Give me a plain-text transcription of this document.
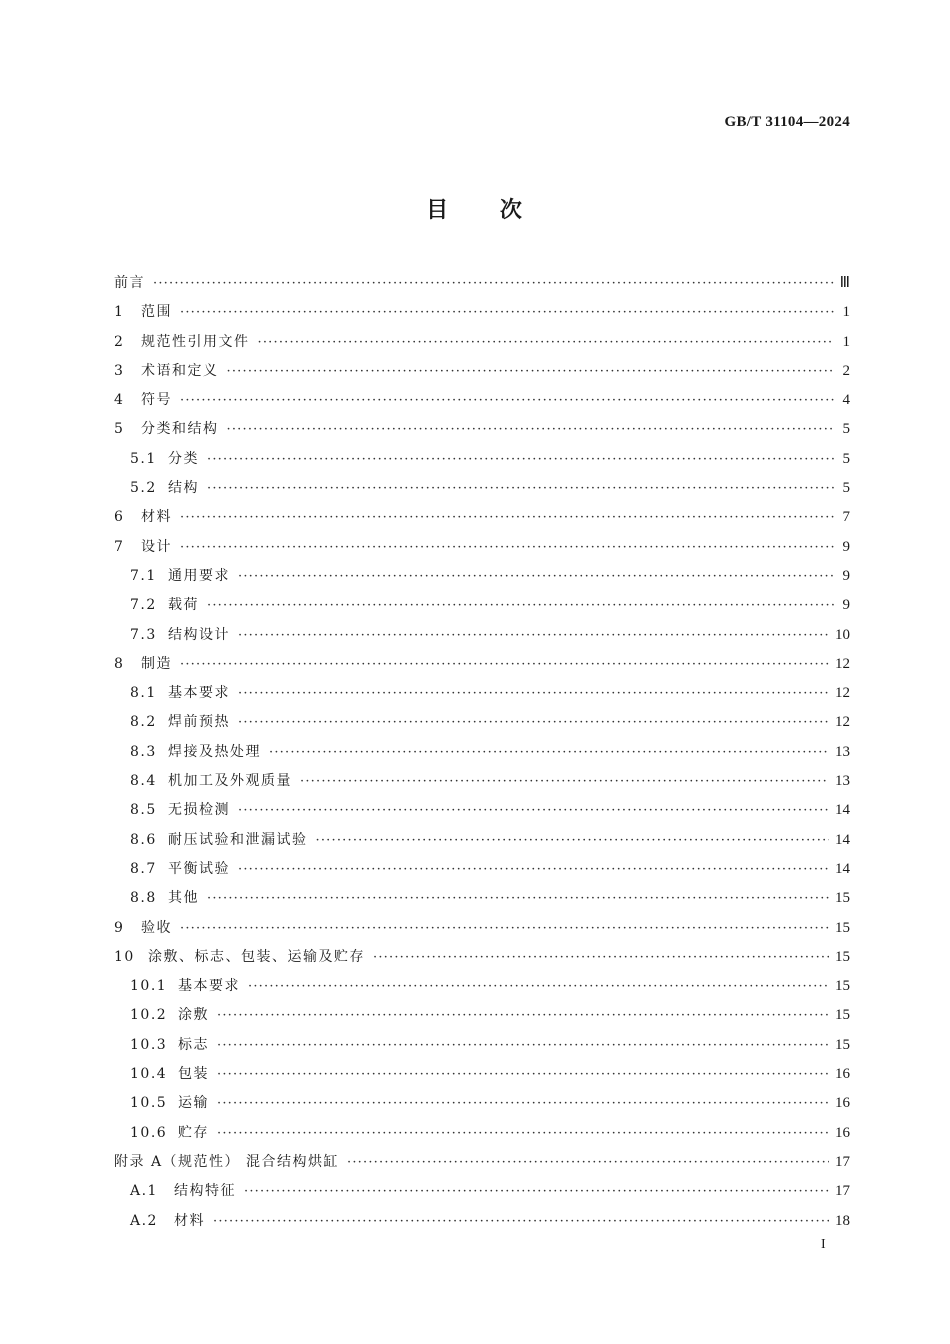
GB/T 31104—2024
目 次
前言 ·····	Ⅲ
1	范围 ·····	1
2	规范性引用文件 ·····	1
3	术语和定义 ·····	2
4	符号 ·····	4
5	分类和结构 ·····	5
5.1 分类 ·····	5
5.2 结构 ·····	5
6	材料 ·····	7
7	设计 ·····	9
7.1 通用要求 ·····	9
7.2 载荷 ·····	9
7.3 结构设计 ·····	10
8	制造 ·····	12
8.1 基本要求 ·····	12
8.2 焊前预热 ·····	12
8.3 焊接及热处理 ·····	13
8.4 机加工及外观质量 ·····	13
8.5 无损检测 ·····	14
8.6 耐压试验和泄漏试验 ·····	14
8.7 平衡试验 ·····	14
8.8 其他 ·····	15
9	验收 ·····	15
10 涂敷、标志、包装、运输及贮存 ·····	15
10.1 基本要求 ·····	15
10.2 涂敷 ·····	15
10.3 标志 ·····	15
10.4 包装 ·····	16
10.5 运输 ·····	16
10.6 贮存 ·····	16
附录 A（规范性） 混合结构烘缸 ·····	17
A.1	结构特征 ·····	17
A.2	材料 ·····	18
I
